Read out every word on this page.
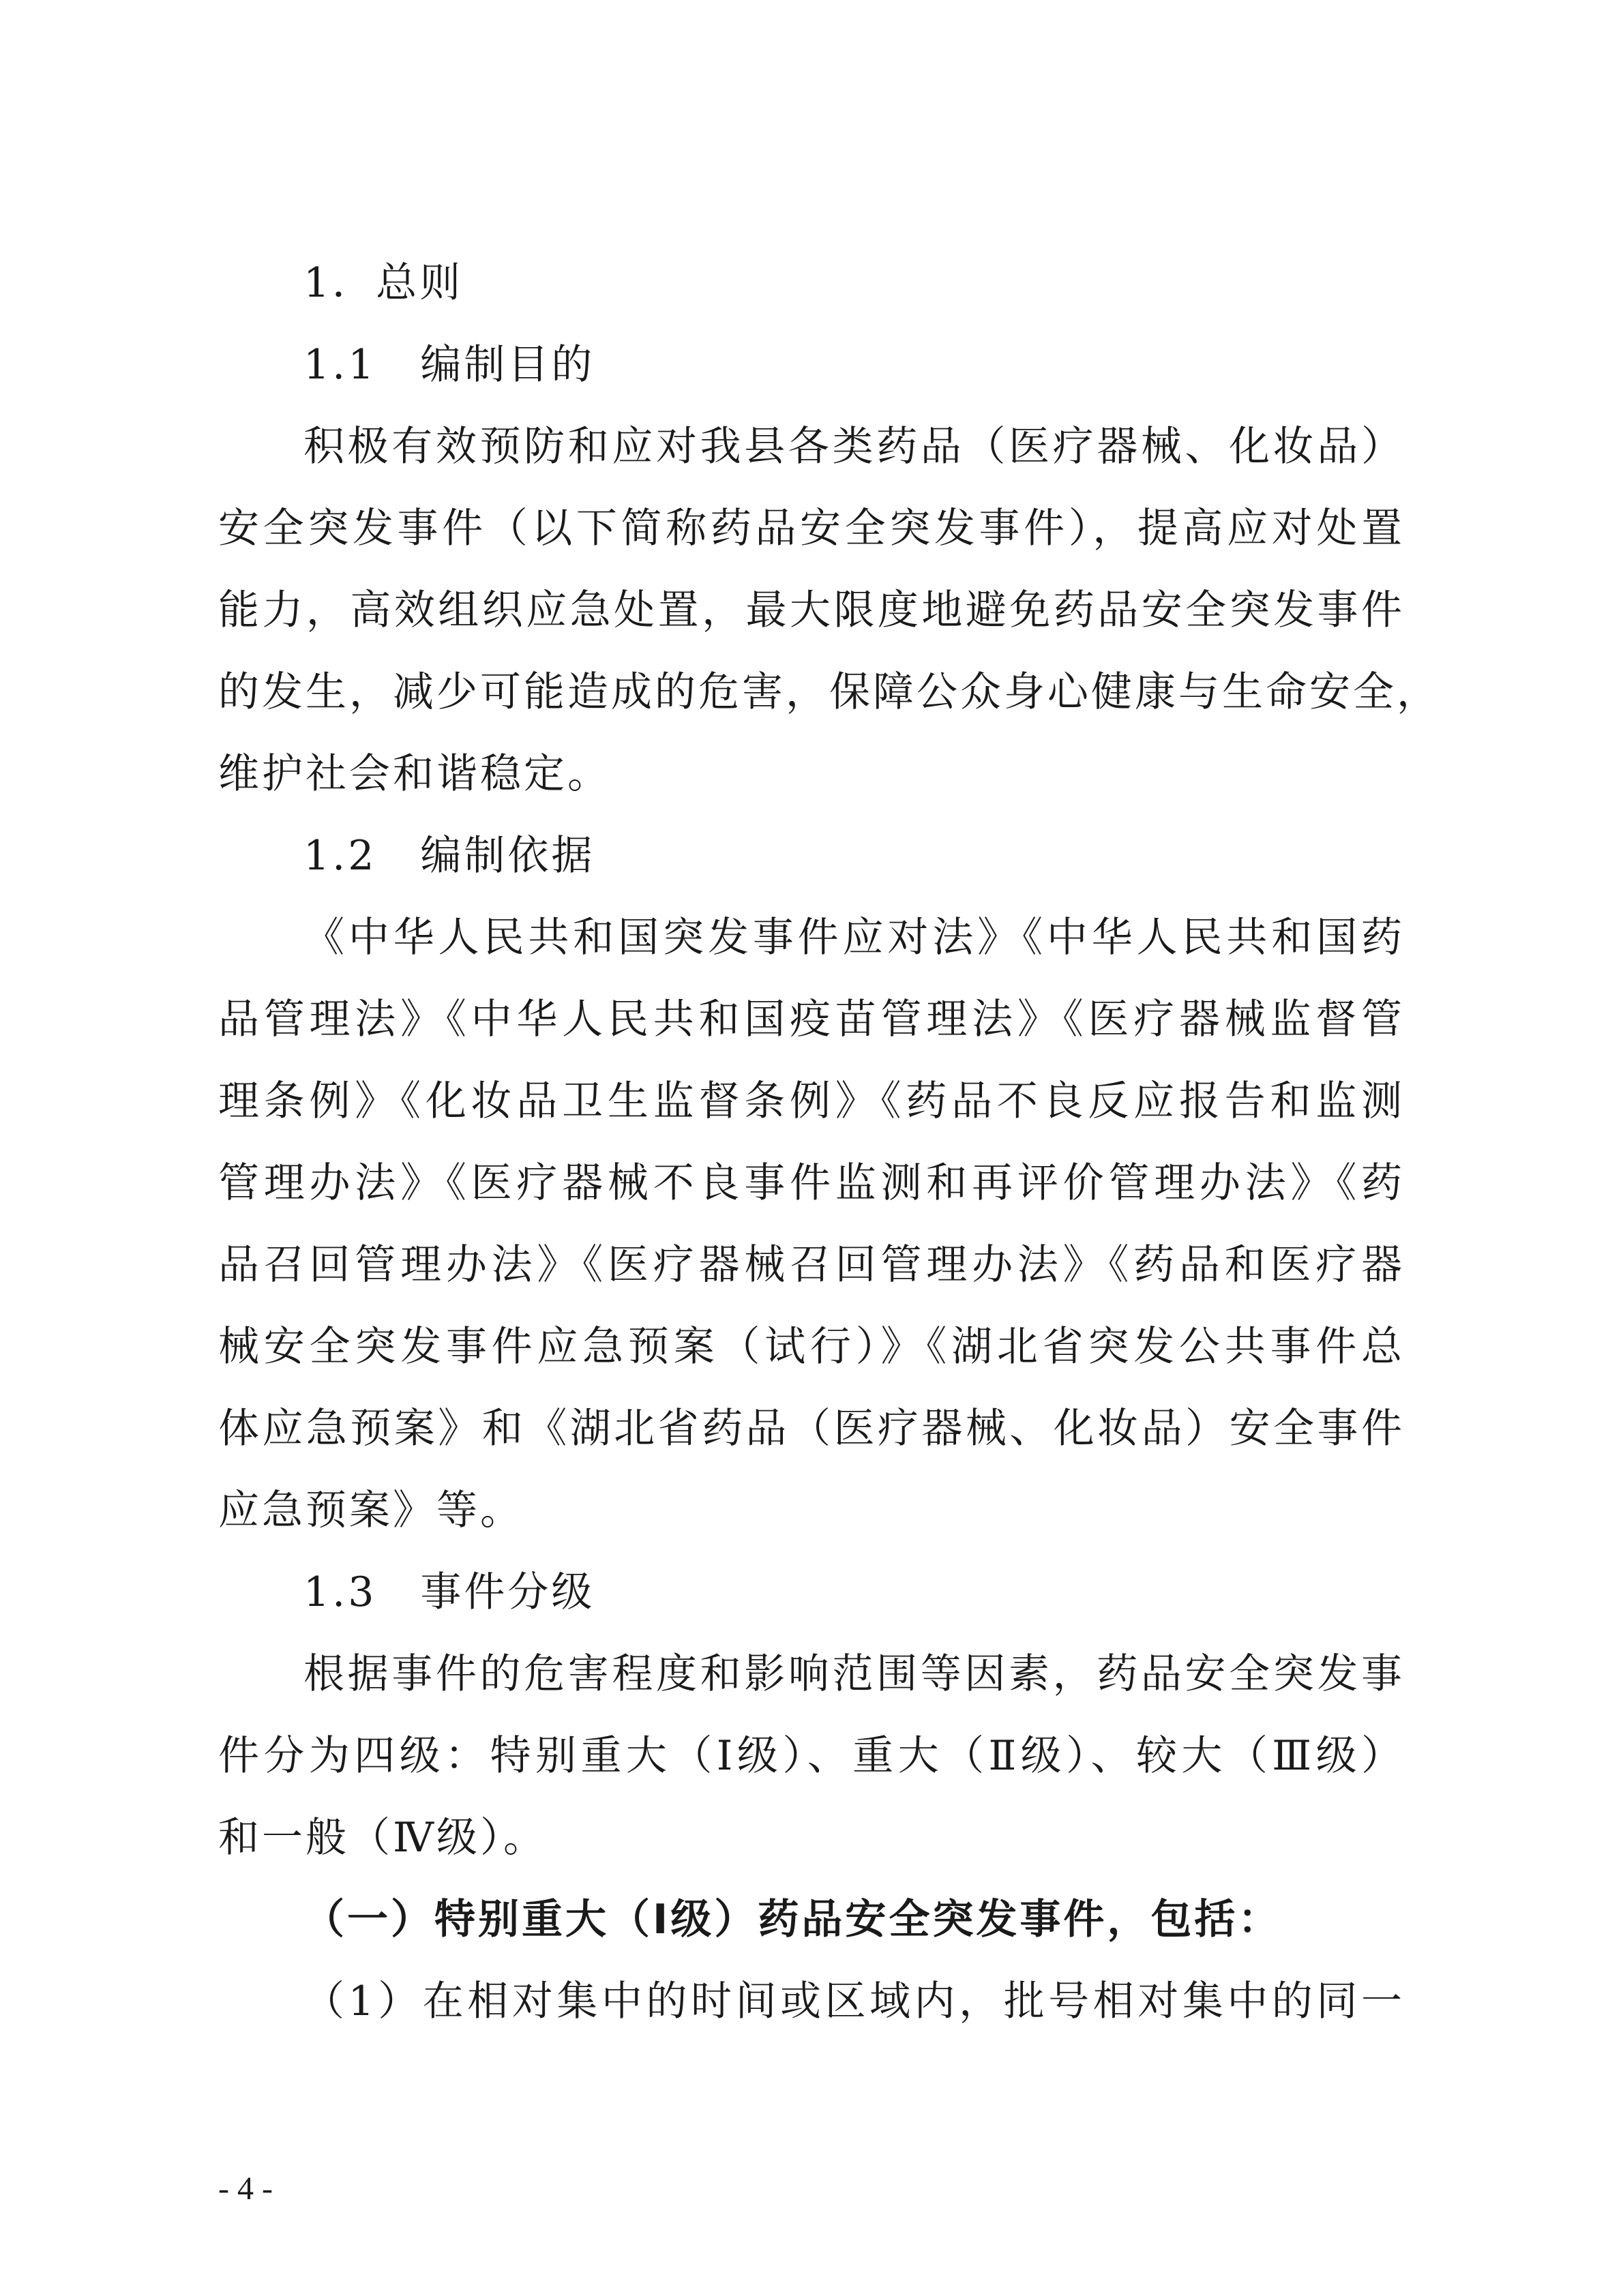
1．总则
1.1　编制目的
积极有效预防和应对我县各类药品（医疗器械、化妆品）
安全突发事件（以下简称药品安全突发事件），提高应对处置
能力，高效组织应急处置，最大限度地避免药品安全突发事件
的发生，减少可能造成的危害，保障公众身心健康与生命安全，
维护社会和谐稳定。
1.2　编制依据
《中华人民共和国突发事件应对法》《中华人民共和国药
品管理法》《中华人民共和国疫苗管理法》《医疗器械监督管
理条例》《化妆品卫生监督条例》《药品不良反应报告和监测
管理办法》《医疗器械不良事件监测和再评价管理办法》《药
品召回管理办法》《医疗器械召回管理办法》《药品和医疗器
械安全突发事件应急预案（试行）》《湖北省突发公共事件总
体应急预案》和《湖北省药品（医疗器械、化妆品）安全事件
应急预案》等。
1.3　事件分级
根据事件的危害程度和影响范围等因素，药品安全突发事
件分为四级：特别重大（Ⅰ级）、重大（Ⅱ级）、较大（Ⅲ级）
和一般（Ⅳ级）。
（一）特别重大（Ⅰ级）药品安全突发事件，包括：
（1）在相对集中的时间或区域内，批号相对集中的同一
- 4 -
